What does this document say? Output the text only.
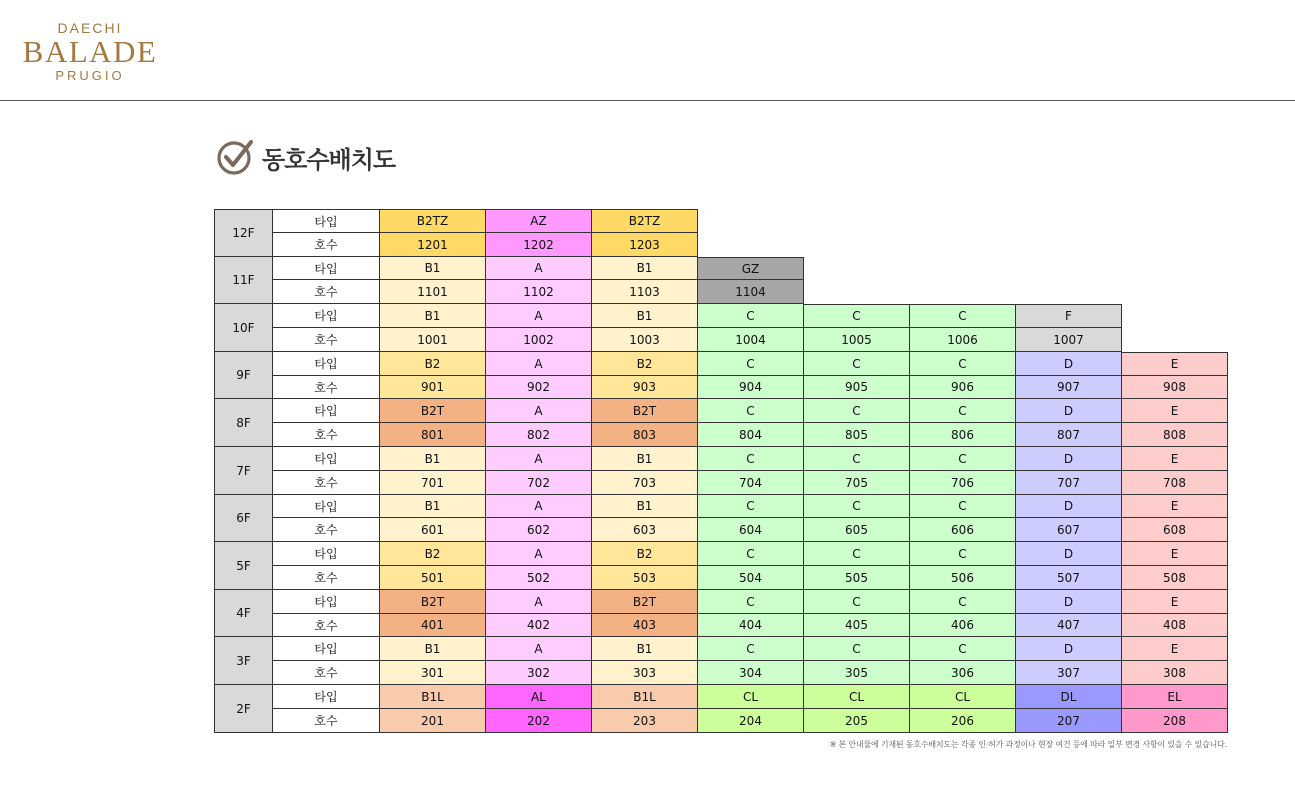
DAECHI
BALADE
PRUGIO
동호수배치도
12F
타입
호수
B2TZ
1201
AZ
1202
B2TZ
1203
11F
타입
호수
B1
1101
A
1102
B1
1103
GZ
1104
10F
타입
호수
B1
1001
A
1002
B1
1003
C
1004
C
1005
C
1006
F
1007
9F
타입
호수
B2
901
A
902
B2
903
C
904
C
905
C
906
D
907
E
908
8F
타입
호수
B2T
801
A
802
B2T
803
C
804
C
805
C
806
D
807
E
808
7F
타입
호수
B1
701
A
702
B1
703
C
704
C
705
C
706
D
707
E
708
6F
타입
호수
B1
601
A
602
B1
603
C
604
C
605
C
606
D
607
E
608
5F
타입
호수
B2
501
A
502
B2
503
C
504
C
505
C
506
D
507
E
508
4F
타입
호수
B2T
401
A
402
B2T
403
C
404
C
405
C
406
D
407
E
408
3F
타입
호수
B1
301
A
302
B1
303
C
304
C
305
C
306
D
307
E
308
2F
타입
호수
B1L
201
AL
202
B1L
203
CL
204
CL
205
CL
206
DL
207
EL
208
※ 본 안내물에 기재된 동호수배치도는 각종 인·허가 과정이나 현장 여건 등에 따라 일부 변경 사항이 있을 수 있습니다.
